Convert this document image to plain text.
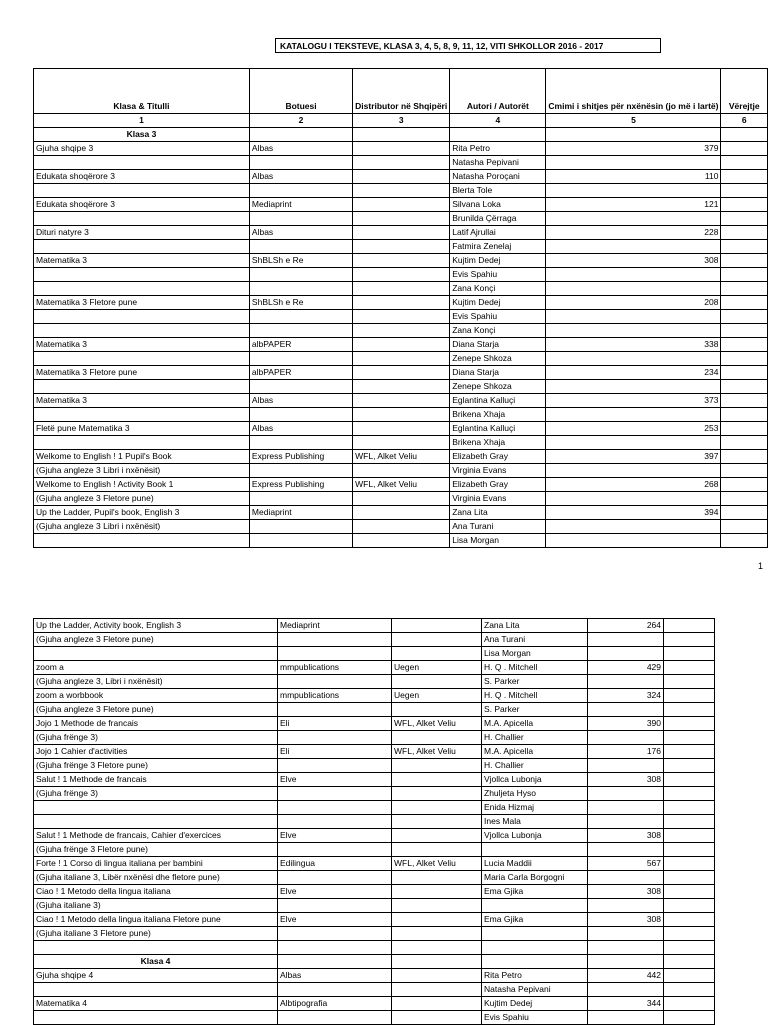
KATALOGU I TEKSTEVE, KLASA 3, 4, 5, 8, 9, 11, 12, VITI SHKOLLOR 2016 - 2017
Klasa & Titulli	Botuesi	Distributor në Shqipëri	Autori / Autorët	Cmimi i shitjes për nxënësin (jo më i lartë)	Vërejtje
1	2	3	4	5	6
Klasa 3					
Gjuha shqipe 3	Albas		Rita Petro	379	
			Natasha Pepivani		
Edukata shoqërore 3	Albas		Natasha Poroçani	110	
			Blerta Tole		
Edukata shoqërore 3	Mediaprint		Silvana Loka	121	
			Brunilda Çërraga		
Dituri natyre 3	Albas		Latif Ajrullai	228	
			Fatmira Zenelaj		
Matematika 3	ShBLSh e Re		Kujtim Dedej	308	
			Evis Spahiu		
			Zana Konçi		
Matematika 3 Fletore pune	ShBLSh e Re		Kujtim Dedej	208	
			Evis Spahiu		
			Zana Konçi		
Matematika 3	albPAPER		Diana Starja	338	
			Zenepe Shkoza		
Matematika 3 Fletore pune	albPAPER		Diana Starja	234	
			Zenepe Shkoza		
Matematika 3	Albas		Eglantina Kalluçi	373	
			Brikena Xhaja		
Fletë pune Matematika 3	Albas		Eglantina Kalluçi	253	
			Brikena Xhaja		
Welkome to English ! 1 Pupil's Book	Express Publishing	WFL, Alket Veliu	Elizabeth Gray	397	
(Gjuha angleze 3 Libri i nxënësit)			Virginia Evans		
Welkome to English ! Activity Book 1	Express Publishing	WFL, Alket Veliu	Elizabeth Gray	268	
(Gjuha angleze 3 Fletore pune)			Virginia Evans		
Up the Ladder, Pupil's book, English 3	Mediaprint		Zana Lita	394	
(Gjuha angleze 3 Libri i nxënësit)			Ana Turani		
			Lisa Morgan		
1
Up the Ladder, Activity book, English 3	Mediaprint		Zana Lita	264	
(Gjuha angleze 3 Fletore pune)			Ana Turani		
			Lisa Morgan		
zoom a	mmpublications	Uegen	H. Q . Mitchell	429	
(Gjuha angleze 3, Libri i nxënësit)			S. Parker		
zoom a worbbook	mmpublications	Uegen	H. Q . Mitchell	324	
(Gjuha angleze 3 Fletore pune)			S. Parker		
Jojo 1 Methode de francais	Eli	WFL, Alket Veliu	M.A. Apicella	390	
(Gjuha frënge 3)			H. Challier		
Jojo 1 Cahier d'activities	Eli	WFL, Alket Veliu	M.A. Apicella	176	
(Gjuha frënge 3 Fletore pune)			H. Challier		
Salut ! 1 Methode de francais	Elve		Vjollca Lubonja	308	
(Gjuha frënge 3)			Zhuljeta Hyso		
			Enida Hizmaj		
			Ines Mala		
Salut ! 1 Methode de francais, Cahier d'exercices	Elve		Vjollca Lubonja	308	
(Gjuha frënge 3 Fletore pune)					
Forte ! 1 Corso di lingua italiana per bambini	Edilingua	WFL, Alket Veliu	Lucia Maddii	567	
(Gjuha italiane 3, Libër nxënësi dhe fletore pune)			Maria Carla Borgogni		
Ciao ! 1 Metodo della lingua italiana	Elve		Ema Gjika	308	
(Gjuha italiane 3)					
Ciao ! 1 Metodo della lingua italiana Fletore pune	Elve		Ema Gjika	308	
(Gjuha italiane 3 Fletore pune)					

Klasa 4					
Gjuha shqipe 4	Albas		Rita Petro	442	
			Natasha Pepivani		
Matematika 4	Albtipografia		Kujtim Dedej	344	
			Evis Spahiu		
